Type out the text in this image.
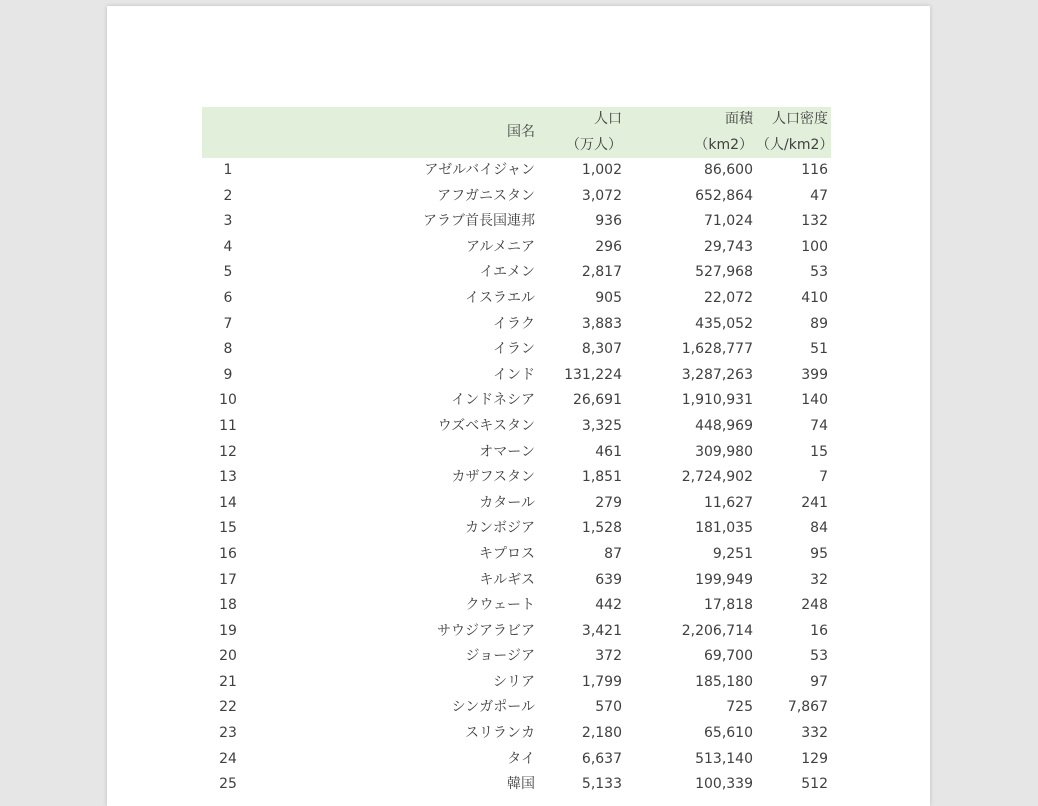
	国名	人口	面積	人口密度
		（万人）	（km2）	（人/km2）
1	アゼルバイジャン	1,002	86,600	116
2	アフガニスタン	3,072	652,864	47
3	アラブ首長国連邦	936	71,024	132
4	アルメニア	296	29,743	100
5	イエメン	2,817	527,968	53
6	イスラエル	905	22,072	410
7	イラク	3,883	435,052	89
8	イラン	8,307	1,628,777	51
9	インド	131,224	3,287,263	399
10	インドネシア	26,691	1,910,931	140
11	ウズベキスタン	3,325	448,969	74
12	オマーン	461	309,980	15
13	カザフスタン	1,851	2,724,902	7
14	カタール	279	11,627	241
15	カンボジア	1,528	181,035	84
16	キプロス	87	9,251	95
17	キルギス	639	199,949	32
18	クウェート	442	17,818	248
19	サウジアラビア	3,421	2,206,714	16
20	ジョージア	372	69,700	53
21	シリア	1,799	185,180	97
22	シンガポール	570	725	7,867
23	スリランカ	2,180	65,610	332
24	タイ	6,637	513,140	129
25	韓国	5,133	100,339	512
